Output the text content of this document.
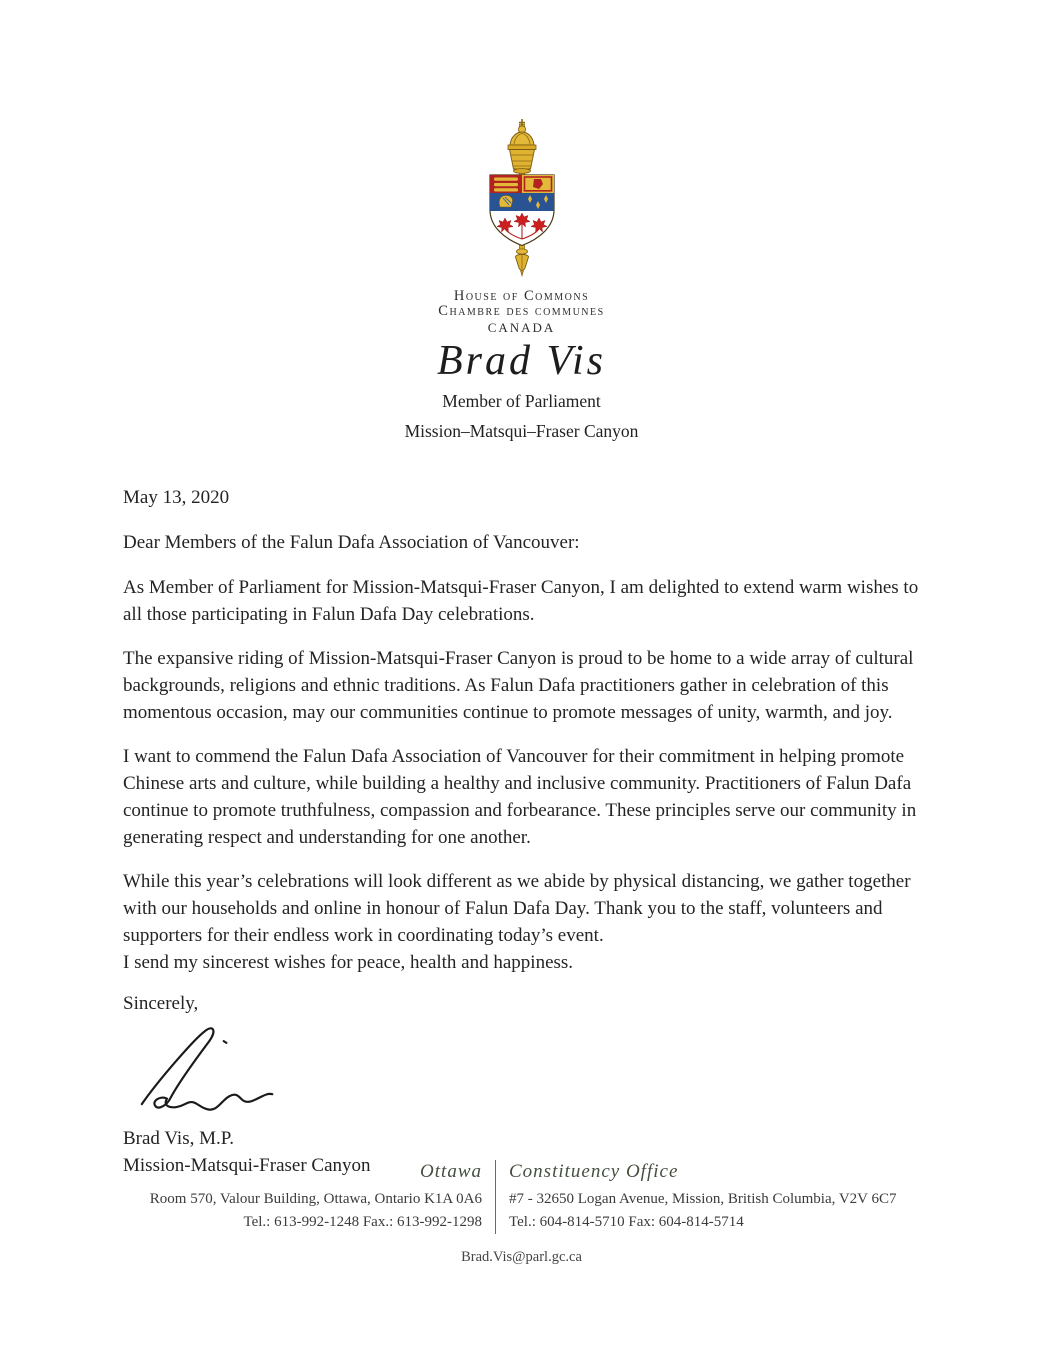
House of Commons
Chambre des communes
CANADA
Brad Vis
Member of Parliament
Mission–Matsqui–Fraser Canyon

May 13, 2020

Dear Members of the Falun Dafa Association of Vancouver:

As Member of Parliament for Mission-Matsqui-Fraser Canyon, I am delighted to extend warm wishes to all those participating in Falun Dafa Day celebrations.

The expansive riding of Mission-Matsqui-Fraser Canyon is proud to be home to a wide array of cultural backgrounds, religions and ethnic traditions. As Falun Dafa practitioners gather in celebration of this momentous occasion, may our communities continue to promote messages of unity, warmth, and joy.

I want to commend the Falun Dafa Association of Vancouver for their commitment in helping promote Chinese arts and culture, while building a healthy and inclusive community. Practitioners of Falun Dafa continue to promote truthfulness, compassion and forbearance. These principles serve our community in generating respect and understanding for one another.

While this year’s celebrations will look different as we abide by physical distancing, we gather together with our households and online in honour of Falun Dafa Day. Thank you to the staff, volunteers and supporters for their endless work in coordinating today’s event.

I send my sincerest wishes for peace, health and happiness.

Sincerely,

Brad Vis, M.P.
Mission-Matsqui-Fraser Canyon	Ottawa
Room 570, Valour Building, Ottawa, Ontario K1A 0A6
Tel.: 613-992-1248 Fax.: 613-992-1298
Constituency Office
#7 - 32650 Logan Avenue, Mission, British Columbia, V2V 6C7
Tel.: 604-814-5710 Fax: 604-814-5714
Brad.Vis@parl.gc.ca
